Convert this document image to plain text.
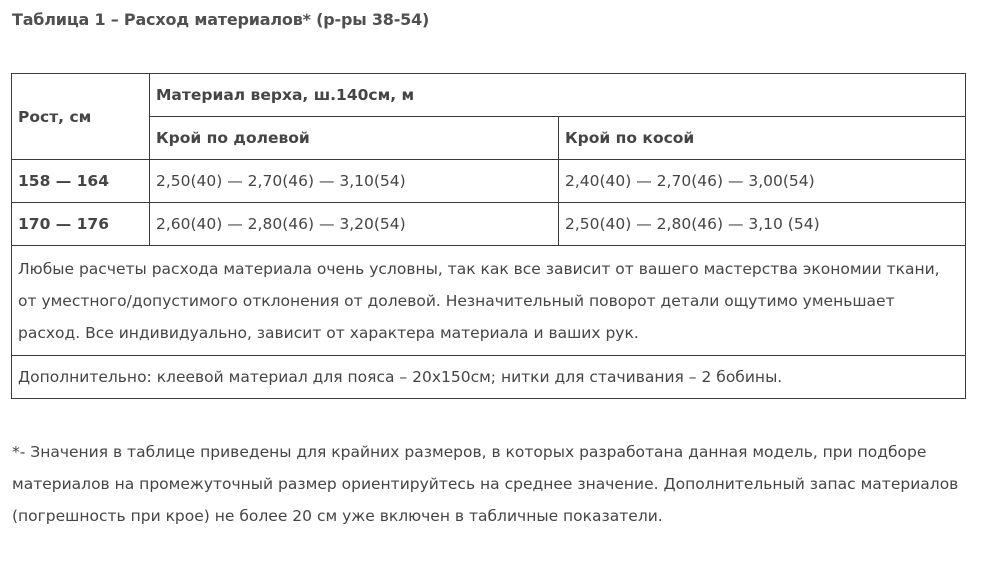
Таблица 1 – Расход материалов* (р-ры 38-54)
Рост, см	Материал верха, ш.140см, м	
	Крой по долевой	Крой по косой
158 — 164	2,50(40) — 2,70(46) — 3,10(54)	2,40(40) — 2,70(46) — 3,00(54)
170 — 176	2,60(40) — 2,80(46) — 3,20(54)	2,50(40) — 2,80(46) — 3,10 (54)
Любые расчеты расхода материала очень условны, так как все зависит от вашего мастерства экономии ткани, от уместного/допустимого отклонения от долевой. Незначительный поворот детали ощутимо уменьшает расход. Все индивидуально, зависит от характера материала и ваших рук.		
Дополнительно: клеевой материал для пояса – 20х150см; нитки для стачивания – 2 бобины.		
*- Значения в таблице приведены для крайних размеров, в которых разработана данная модель, при подборе материалов на промежуточный размер ориентируйтесь на среднее значение. Дополнительный запас материалов (погрешность при крое) не более 20 см уже включен в табличные показатели.
